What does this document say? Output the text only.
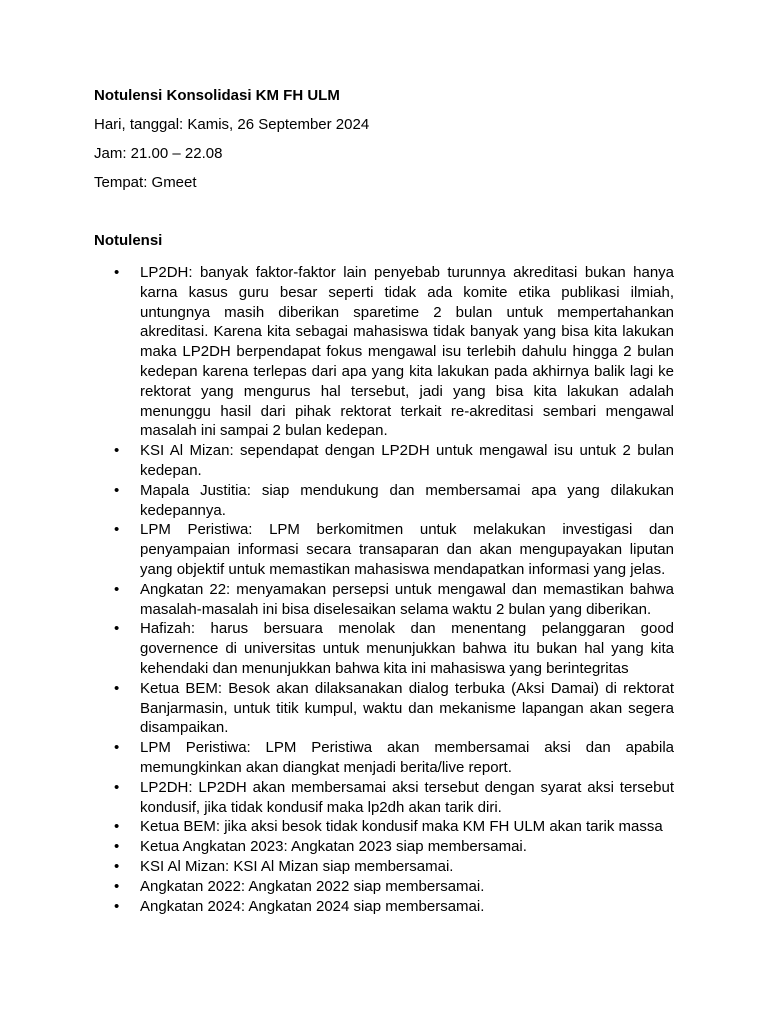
Notulensi Konsolidasi KM FH ULM

Hari, tanggal: Kamis, 26 September 2024

Jam: 21.00 – 22.08

Tempat: Gmeet

Notulensi

•	LP2DH: banyak faktor-faktor lain penyebab turunnya akreditasi bukan hanya karna kasus guru besar seperti tidak ada komite etika publikasi ilmiah, untungnya masih diberikan sparetime 2 bulan untuk mempertahankan akreditasi. Karena kita sebagai mahasiswa tidak banyak yang bisa kita lakukan maka LP2DH berpendapat fokus mengawal isu terlebih dahulu hingga 2 bulan kedepan karena terlepas dari apa yang kita lakukan pada akhirnya balik lagi ke rektorat yang mengurus hal tersebut, jadi yang bisa kita lakukan adalah menunggu hasil dari pihak rektorat terkait re-akreditasi sembari mengawal masalah ini sampai 2 bulan kedepan.
•	KSI Al Mizan: sependapat dengan LP2DH untuk mengawal isu untuk 2 bulan kedepan.
•	Mapala Justitia: siap mendukung dan membersamai apa yang dilakukan kedepannya.
•	LPM Peristiwa: LPM berkomitmen untuk melakukan investigasi dan penyampaian informasi secara transaparan dan akan mengupayakan liputan yang objektif untuk memastikan mahasiswa mendapatkan informasi yang jelas.
•	Angkatan 22: menyamakan persepsi untuk mengawal dan memastikan bahwa masalah-masalah ini bisa diselesaikan selama waktu 2 bulan yang diberikan.
•	Hafizah: harus bersuara menolak dan menentang pelanggaran good governence di universitas untuk menunjukkan bahwa itu bukan hal yang kita kehendaki dan menunjukkan bahwa kita ini mahasiswa yang berintegritas
•	Ketua BEM: Besok akan dilaksanakan dialog terbuka (Aksi Damai) di rektorat Banjarmasin, untuk titik kumpul, waktu dan mekanisme lapangan akan segera disampaikan.
•	LPM Peristiwa: LPM Peristiwa akan membersamai aksi dan apabila memungkinkan akan diangkat menjadi berita/live report.
•	LP2DH: LP2DH akan membersamai aksi tersebut dengan syarat aksi tersebut kondusif, jika tidak kondusif maka lp2dh akan tarik diri.
•	Ketua BEM: jika aksi besok tidak kondusif maka KM FH ULM akan tarik massa
•	Ketua Angkatan 2023: Angkatan 2023 siap membersamai.
•	KSI Al Mizan: KSI Al Mizan siap membersamai.
•	Angkatan 2022: Angkatan 2022 siap membersamai.
•	Angkatan 2024: Angkatan 2024 siap membersamai.
